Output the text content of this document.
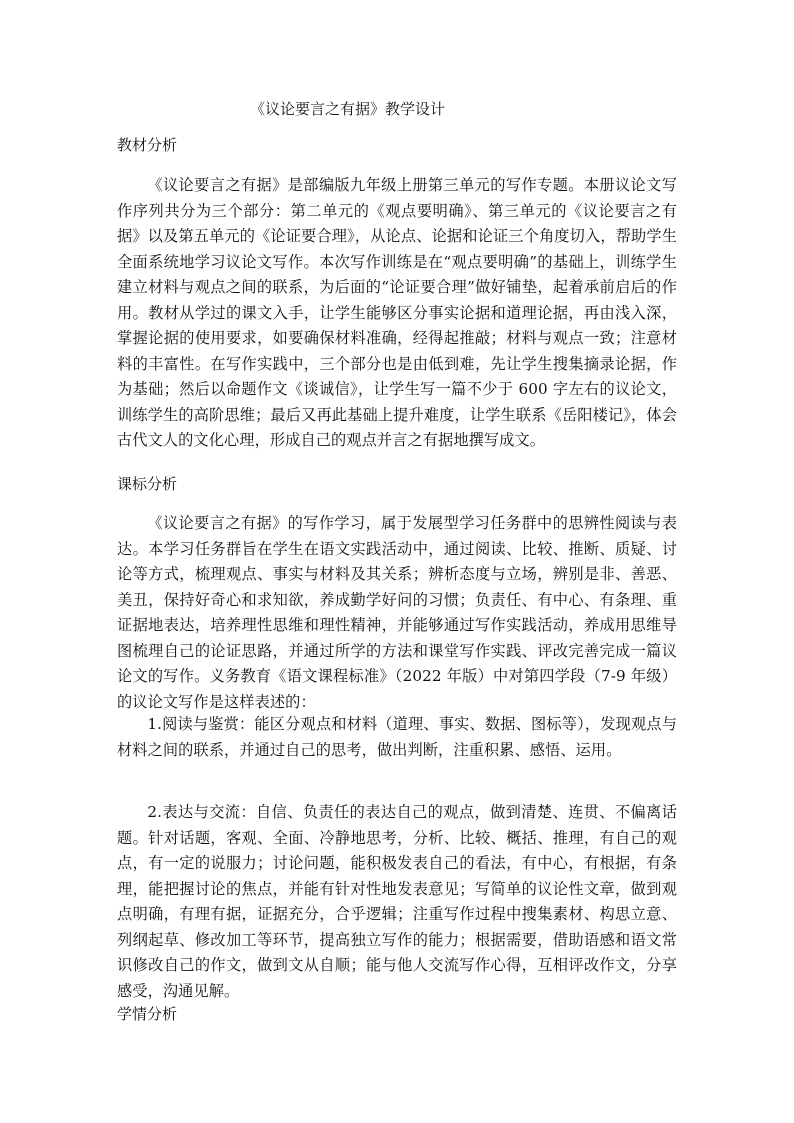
《议论要言之有据》教学设计
教材分析

《议论要言之有据》是部编版九年级上册第三单元的写作专题。本册议论文写作序列共分为三个部分：第二单元的《观点要明确》、第三单元的《议论要言之有据》以及第五单元的《论证要合理》，从论点、论据和论证三个角度切入，帮助学生全面系统地学习议论文写作。本次写作训练是在“观点要明确”的基础上，训练学生建立材料与观点之间的联系，为后面的“论证要合理”做好铺垫，起着承前启后的作用。教材从学过的课文入手，让学生能够区分事实论据和道理论据，再由浅入深，掌握论据的使用要求，如要确保材料准确，经得起推敲；材料与观点一致；注意材料的丰富性。在写作实践中，三个部分也是由低到难，先让学生搜集摘录论据，作为基础；然后以命题作文《谈诚信》，让学生写一篇不少于 600 字左右的议论文，训练学生的高阶思维；最后又再此基础上提升难度，让学生联系《岳阳楼记》，体会古代文人的文化心理，形成自己的观点并言之有据地撰写成文。

课标分析

《议论要言之有据》的写作学习，属于发展型学习任务群中的思辨性阅读与表达。本学习任务群旨在学生在语文实践活动中，通过阅读、比较、推断、质疑、讨论等方式，梳理观点、事实与材料及其关系；辨析态度与立场，辨别是非、善恶、美丑，保持好奇心和求知欲，养成勤学好问的习惯；负责任、有中心、有条理、重证据地表达，培养理性思维和理性精神，并能够通过写作实践活动，养成用思维导图梳理自己的论证思路，并通过所学的方法和课堂写作实践、评改完善完成一篇议论文的写作。义务教育《语文课程标准》（2022 年版）中对第四学段（7-9 年级）的议论文写作是这样表述的：

1.阅读与鉴赏：能区分观点和材料（道理、事实、数据、图标等），发现观点与材料之间的联系，并通过自己的思考，做出判断，注重积累、感悟、运用。

2.表达与交流：自信、负责任的表达自己的观点，做到清楚、连贯、不偏离话题。针对话题，客观、全面、冷静地思考，分析、比较、概括、推理，有自己的观点，有一定的说服力；讨论问题，能积极发表自己的看法，有中心，有根据，有条理，能把握讨论的焦点，并能有针对性地发表意见；写简单的议论性文章，做到观点明确，有理有据，证据充分，合乎逻辑；注重写作过程中搜集素材、构思立意、列纲起草、修改加工等环节，提高独立写作的能力；根据需要，借助语感和语文常识修改自己的作文，做到文从自顺；能与他人交流写作心得，互相评改作文，分享感受，沟通见解。

学情分析
